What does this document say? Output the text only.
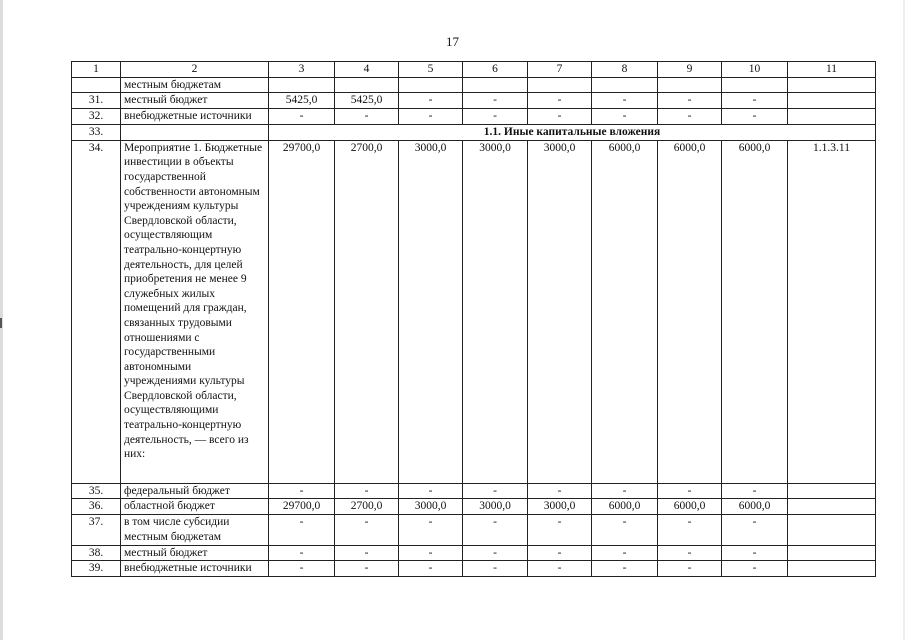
17
1	2	3	4	5	6	7	8	9	10	11
	местным бюджетам									
31.	местный бюджет	5425,0	5425,0	-	-	-	-	-	-	
32.	внебюджетные источники	-	-	-	-	-	-	-	-	
33.		1.1. Иные капитальные вложения								
34.	Мероприятие 1. Бюджетные инвестиции в объекты государственной собственности автономным учреждениям культуры Свердловской области, осуществляющим театрально-концертную деятельность, для целей приобретения не менее 9 служебных жилых помещений для граждан, связанных трудовыми отношениями с государственными автономными учреждениями культуры Свердловской области, осуществляющими театрально-концертную деятельность, — всего из них:	29700,0	2700,0	3000,0	3000,0	3000,0	6000,0	6000,0	6000,0	1.1.3.11
35.	федеральный бюджет	-	-	-	-	-	-	-	-	
36.	областной бюджет	29700,0	2700,0	3000,0	3000,0	3000,0	6000,0	6000,0	6000,0	
37.	в том числе субсидии местным бюджетам	-	-	-	-	-	-	-	-	
38.	местный бюджет	-	-	-	-	-	-	-	-	
39.	внебюджетные источники	-	-	-	-	-	-	-	-	
